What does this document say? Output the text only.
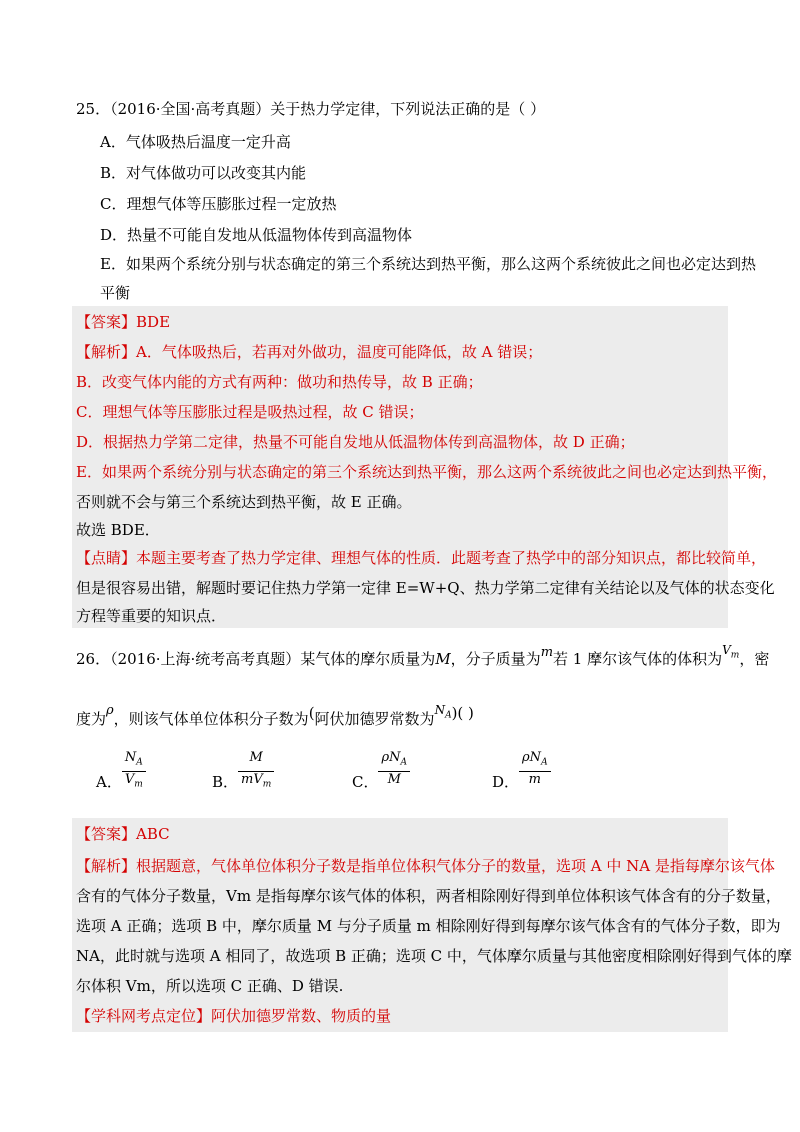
25．（2016·全国·高考真题）关于热力学定律，下列说法正确的是（ ）
A．气体吸热后温度一定升高
B．对气体做功可以改变其内能
C．理想气体等压膨胀过程一定放热
D．热量不可能自发地从低温物体传到高温物体
E．如果两个系统分别与状态确定的第三个系统达到热平衡，那么这两个系统彼此之间也必定达到热
平衡
【答案】BDE
【解析】A．气体吸热后，若再对外做功，温度可能降低，故 A 错误；
B．改变气体内能的方式有两种：做功和热传导，故 B 正确；
C．理想气体等压膨胀过程是吸热过程，故 C 错误；
D．根据热力学第二定律，热量不可能自发地从低温物体传到高温物体，故 D 正确；
E．如果两个系统分别与状态确定的第三个系统达到热平衡，那么这两个系统彼此之间也必定达到热平衡，
否则就不会与第三个系统达到热平衡，故 E 正确。
故选 BDE．
【点睛】本题主要考查了热力学定律、理想气体的性质．此题考查了热学中的部分知识点，都比较简单，
但是很容易出错，解题时要记住热力学第一定律 E=W+Q、热力学第二定律有关结论以及气体的状态变化
方程等重要的知识点．
26．（2016·上海·统考高考真题）某气体的摩尔质量为M，分子质量为m若 1 摩尔该气体的体积为$^{V_m}$，密
度为ρ，则该气体单位体积分子数为(阿伏加德罗常数为$^{N_A}$)( )
A． $\frac{N_A}{V_m}$	B． $\frac{M}{mV_m}$	C． $\frac{\rho N_A}{M}$	D． $\frac{\rho N_A}{m}$
【答案】ABC
【解析】根据题意，气体单位体积分子数是指单位体积气体分子的数量，选项 A 中 NA 是指每摩尔该气体
含有的气体分子数量，Vm 是指每摩尔该气体的体积，两者相除刚好得到单位体积该气体含有的分子数量，
选项 A 正确；选项 B 中，摩尔质量 M 与分子质量 m 相除刚好得到每摩尔该气体含有的气体分子数，即为
NA，此时就与选项 A 相同了，故选项 B 正确；选项 C 中，气体摩尔质量与其他密度相除刚好得到气体的摩
尔体积 Vm，所以选项 C 正确、D 错误.
【学科网考点定位】阿伏加德罗常数、物质的量
